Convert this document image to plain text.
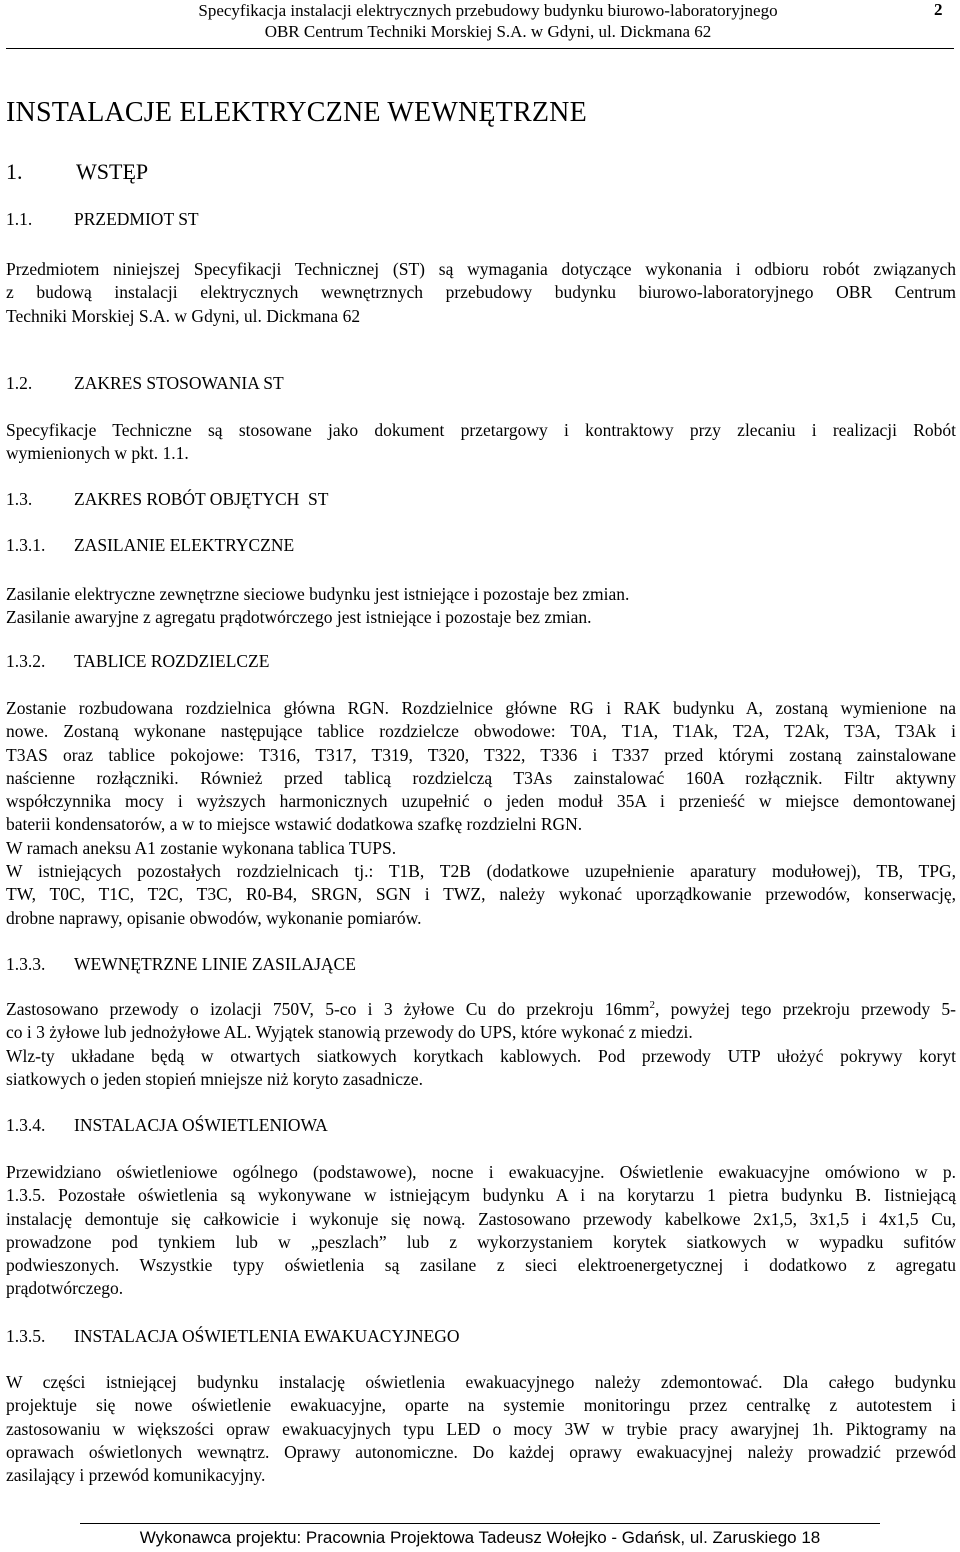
Specyfikacja instalacji elektrycznych przebudowy budynku biurowo-laboratoryjnego
OBR Centrum Techniki Morskiej S.A. w Gdyni, ul. Dickmana 62
2
INSTALACJE ELEKTRYCZNE WEWNĘTRZNE
1. WSTĘP
1.1. PRZEDMIOT ST
Przedmiotem niniejszej Specyfikacji Technicznej (ST) są wymagania dotyczące wykonania i odbioru robót związanych
z budową instalacji elektrycznych wewnętrznych przebudowy budynku biurowo-laboratoryjnego OBR Centrum
Techniki Morskiej S.A. w Gdyni, ul. Dickmana 62
1.2. ZAKRES STOSOWANIA ST
Specyfikacje Techniczne są stosowane jako dokument przetargowy i kontraktowy przy zlecaniu i realizacji Robót
wymienionych w pkt. 1.1.
1.3. ZAKRES ROBÓT OBJĘTYCH  ST
1.3.1. ZASILANIE ELEKTRYCZNE
Zasilanie elektryczne zewnętrzne sieciowe budynku jest istniejące i pozostaje bez zmian.
Zasilanie awaryjne z agregatu prądotwórczego jest istniejące i pozostaje bez zmian.
1.3.2. TABLICE ROZDZIELCZE
Zostanie rozbudowana rozdzielnica główna RGN. Rozdzielnice główne RG i RAK budynku A, zostaną wymienione na
nowe. Zostaną wykonane następujące tablice rozdzielcze obwodowe: T0A, T1A, T1Ak, T2A, T2Ak, T3A, T3Ak i
T3AS oraz tablice pokojowe: T316, T317, T319, T320, T322, T336 i T337 przed którymi zostaną zainstalowane
naścienne rozłączniki. Również przed tablicą rozdzielczą T3As zainstalować 160A rozłącznik. Filtr aktywny
współczynnika mocy i wyższych harmonicznych uzupełnić o jeden moduł 35A i przenieść w miejsce demontowanej
baterii kondensatorów, a w to miejsce wstawić dodatkowa szafkę rozdzielni RGN.
W ramach aneksu A1 zostanie wykonana tablica TUPS.
W istniejących pozostałych rozdzielnicach tj.: T1B, T2B (dodatkowe uzupełnienie aparatury modułowej), TB, TPG,
TW, T0C, T1C, T2C, T3C, R0-B4, SRGN, SGN i TWZ, należy wykonać uporządkowanie przewodów, konserwację,
drobne naprawy, opisanie obwodów, wykonanie pomiarów.
1.3.3. WEWNĘTRZNE LINIE ZASILAJĄCE
Zastosowano przewody o izolacji 750V, 5-co i 3 żyłowe Cu do przekroju $16mm^2$, powyżej tego przekroju przewody 5-
co i 3 żyłowe lub jednożyłowe AL. Wyjątek stanowią przewody do UPS, które wykonać z miedzi.
Wlz-ty układane będą w otwartych siatkowych korytkach kablowych. Pod przewody UTP ułożyć pokrywy koryt
siatkowych o jeden stopień mniejsze niż koryto zasadnicze.
1.3.4. INSTALACJA OŚWIETLENIOWA
Przewidziano oświetleniowe ogólnego (podstawowe), nocne i ewakuacyjne. Oświetlenie ewakuacyjne omówiono w p.
1.3.5. Pozostałe oświetlenia są wykonywane w istniejącym budynku A i na korytarzu 1 pietra budynku B. Iistniejącą
instalację demontuje się całkowicie i wykonuje się nową. Zastosowano przewody kabelkowe 2x1,5, 3x1,5 i 4x1,5 Cu,
prowadzone pod tynkiem lub w „peszlach” lub z wykorzystaniem korytek siatkowych w wypadku sufitów
podwieszonych. Wszystkie typy oświetlenia są zasilane z sieci elektroenergetycznej i dodatkowo z agregatu
prądotwórczego.
1.3.5. INSTALACJA OŚWIETLENIA EWAKUACYJNEGO
W części istniejącej budynku instalację oświetlenia ewakuacyjnego należy zdemontować. Dla całego budynku
projektuje się nowe oświetlenie ewakuacyjne, oparte na systemie monitoringu przez centralkę z autotestem i
zastosowaniu w większości opraw ewakuacyjnych typu LED o mocy 3W w trybie pracy awaryjnej 1h. Piktogramy na
oprawach oświetlonych wewnątrz. Oprawy autonomiczne. Do każdej oprawy ewakuacyjnej należy prowadzić przewód
zasilający i przewód komunikacyjny.
Wykonawca projektu: Pracownia Projektowa Tadeusz Wołejko - Gdańsk, ul. Zaruskiego 18
